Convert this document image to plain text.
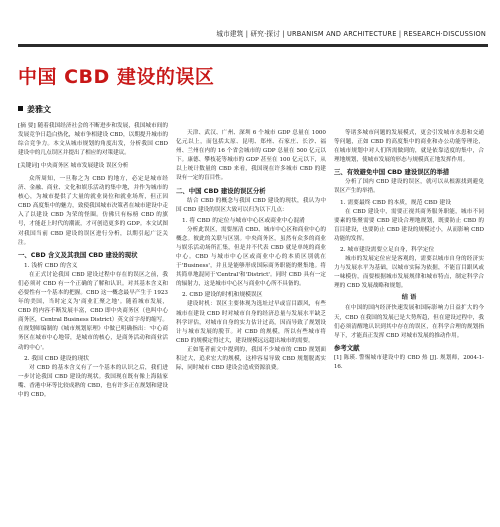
城市建筑 | 研究·探讨 | URBANISM AND ARCHITECTURE | RESEARCH·DISCUSSION
中国 CBD 建设的误区
姜雅文

[摘 要] 随着我国经济社会的不断进步和发展，我国城市间的发展竞争日趋白热化，城市争相建设 CBD，以期提升城市的综合竞争力。本文从城市规划的角度出发，分析我国 CBD 建设中的几点误区并提出了相应的对策建议。

[关键词] 中央商务区 城市发展建设 误区分析

众所周知，一旦称之为 CBD 的地方，必定是城市经济、金融、商业、文化和娱乐活动的集中地，并作为城市的核心，为城市提供了大量的就业岗位和就业场所，但正因 CBD 高度集中的魅力，致使我国城市决策者在城市建设中走入了以建设 CBD 为荣的怪圈。仿佛只有标榜 CBD 的旗号，才能赶上时代的潮流，才可创造更多的 GDP。本文试图对我国当前 CBD 建设的误区进行分析，以期引起广泛关注。

一、CBD 含义及其我国 CBD 建设的现状
1. 浅析 CBD 的含义

在正式讨论我国 CBD 建设过程中存在的误区之前，我们必须对 CBD 有一个正确的了解和认识。对其基本含义和必要性有一个基本的把握。CBD 这一概念最早产生于 1923 年的美国，当时定义为'商业汇聚之地'。随着城市发展，CBD 的内容不断发展丰富，CBD 即中央商务区（也叫中心商务区，Central Business District）英文首字母的缩写。在规划师编制的《城市规划原理》中做已明确指出：'中心商务区在城市中心地带，是城市的核心，是商务活动和商业活动的中心'。

2. 我国 CBD 建设的现状

对 CBD 的基本含义有了一个基本的认识之后，我们进一步讨论我国 CBD 建设的现状。我国现在既有像上海陆家嘴、香港中环等比较成熟的 CBD，也有许多正在规划和建设中的 CBD。

天津、武汉、广州、深圳 6 个城市 GDP 总量在 1000 亿元以上，而包括太原、昆明、郑州、石家庄、长沙、福州、兰州在内的 16 个省会城市的 GDP 总量在 500 亿元以下。康德、攀枝花等城市的 GDP 甚至在 100 亿元以下，从以上统计数量的 CBD 来看，我国现在许多城市 CBD 的建设有一定的盲目性。

二、中国 CBD 建设的误区分析

结合 CBD 的概念与我国 CBD 建设的现状，我认为中国 CBD 建设的误区大致可以归为以下几点：

1. 将 CBD 的定位与城市中心区或商业中心混淆

分析此误区，需要厘清 CBD、城市中心区和商业中心的概念。彼此的关联与区别。中央商务区，虽然有众多的商业与娱乐活动场所汇集，但是并不代表 CBD 就是单纯的商业中心。CBD 与城市中心区或商业中心的本质区别就在于'Business'，并且是能够形成国际商务职能的聚集地。将其简单地混同于'Central'和'District'。同时 CBD 具有一定的辐射力，这是城市中心区与商业中心所不具备的。

2. CBD 建设的时机和规模误区

建设时机：误区主要体现为选址过早或盲目跟风，有些城市在建设 CBD 时对城市自身的经济总量与发展水平缺乏科学评估，对城市自身的实力估计过高，因而导致了规划设计与城市发展的脱节。对 CBD 的规模，所以有些城市将 CBD 的规模定得过大，建设规模远远超出城市的需要。

正如笔者前文中提到的，我国不少城市的 CBD 规划面积过大，追求宏大的规模，这样容易导致 CBD 规划脱离实际，同时城市 CBD 建设会造成资源浪费。

等诸多城市问题的发展模式，更会引发城市水患和交通等问题，正如 CBD 的高度集中的商业和办公功能等理论，在城市规划中对人们所需做到的，就是依靠适度的集中，合理地规划，使城市发展的形态与规模真正地发挥作用。

三、有效避免中国 CBD 建设误区的举措

分析了国内 CBD 建设的误区，就可以从根源找到避免误区产生的举措。

1. 需要最终 CBD 的本质，规范 CBD 建设

在 CBD 建设中，需要正视其商务服务职能，城市不同要素的集聚需要 CBD 建设合理地规划，既要防止 CBD 的盲目建设，也要防止 CBD 建设的规模过小，从而影响 CBD 功能的发挥。

2. 城市建设需要立足自身，科学定位

城市的发展定位应是客观的，需要以城市自身的经济实力与发展水平为基础，以城市实际为依据，不能盲目跟风或一味模仿，而要根据城市发展规律和城市特点，制定科学合理的 CBD 发展战略和规划。

结 语

在中国的国内经济快速发展和国际影响力日益扩大的今天，CBD 在我国的发展已是大势所趋，但在建设过程中，我们必须清醒地认识到其中存在的误区，在科学合理的规划指导下，才能真正发挥 CBD 对城市发展的推动作用。

参考文献

[1] 陈瑛. 警惕城市建设中的 CBD 热 [J]. 规划师，2004-1-16.
